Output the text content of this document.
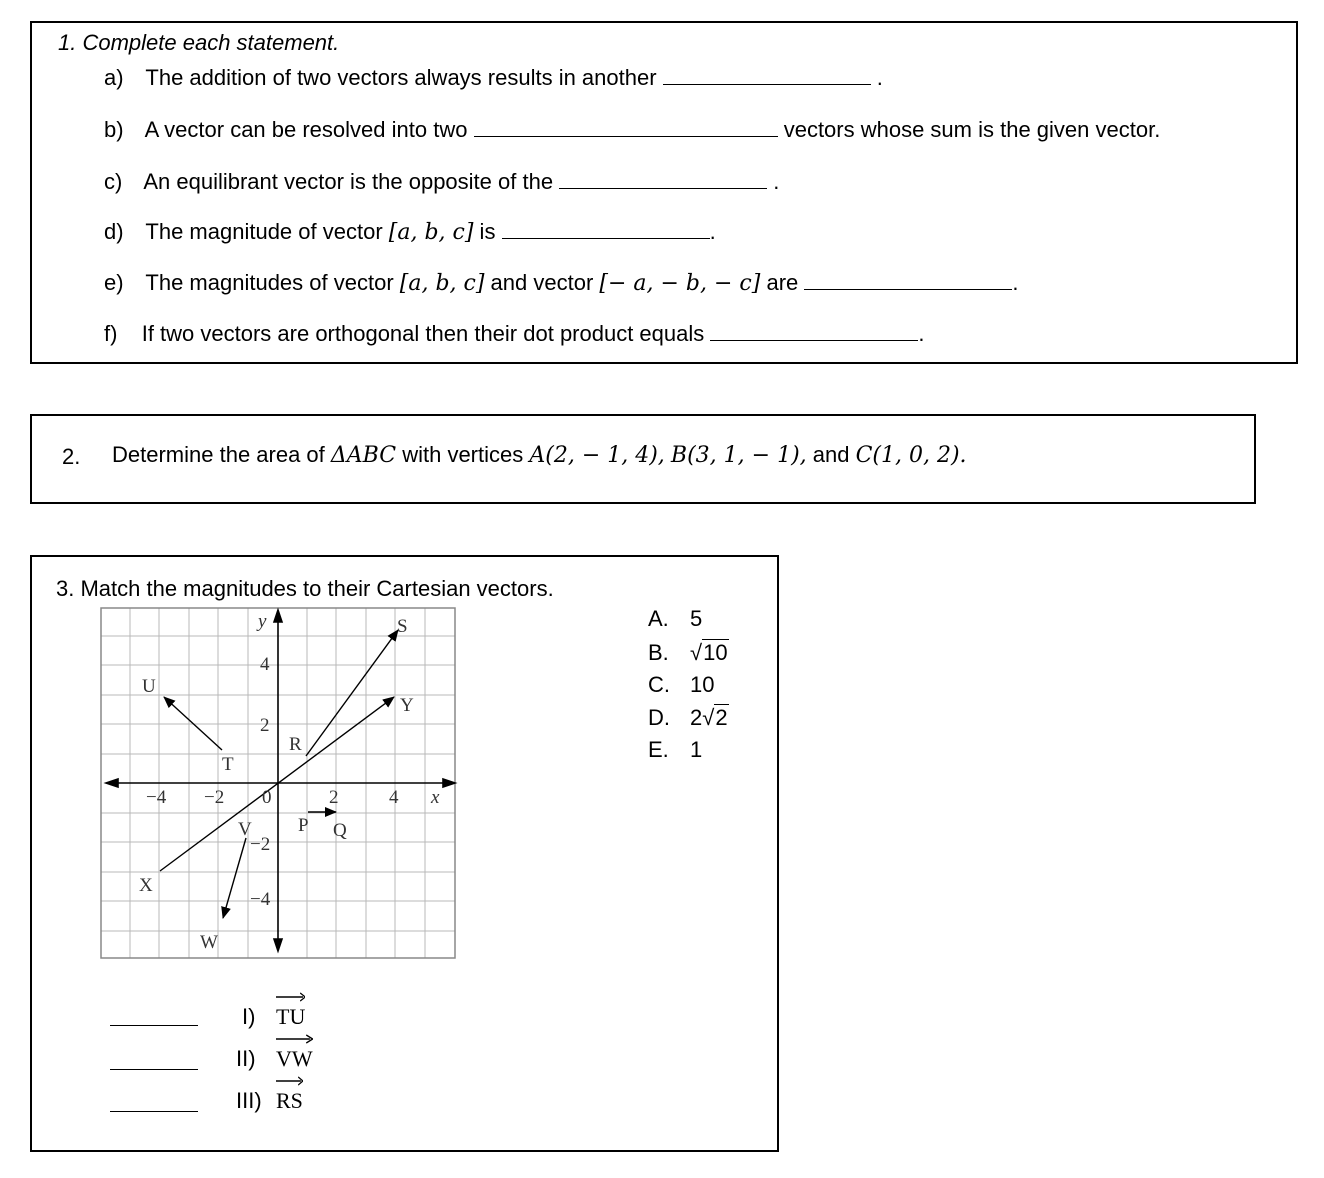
1. Complete each statement.
a) The addition of two vectors always results in another	.
b) A vector can be resolved into two	vectors whose sum is the given vector.
c) An equilibrant vector is the opposite of the	.
d) The magnitude of vector [a, b, c] is	.
e) The magnitudes of vector [a, b, c] and vector [− a, − b, − c] are	.
f) If two vectors are orthogonal then their dot product equals	.
2. Determine the area of ΔABC with vertices A(2, − 1, 4), B(3, 1, − 1), and C(1, 0, 2).
3. Match the magnitudes to their Cartesian vectors.
y
x
−4 −2 0	2	4
4
2
−2
−4
U
T
S
R
Y
P Q
X
V
W
A. 5
B. √10
C. 10
D. 2√2
E. 1
I) TU
II) VW
III) RS
